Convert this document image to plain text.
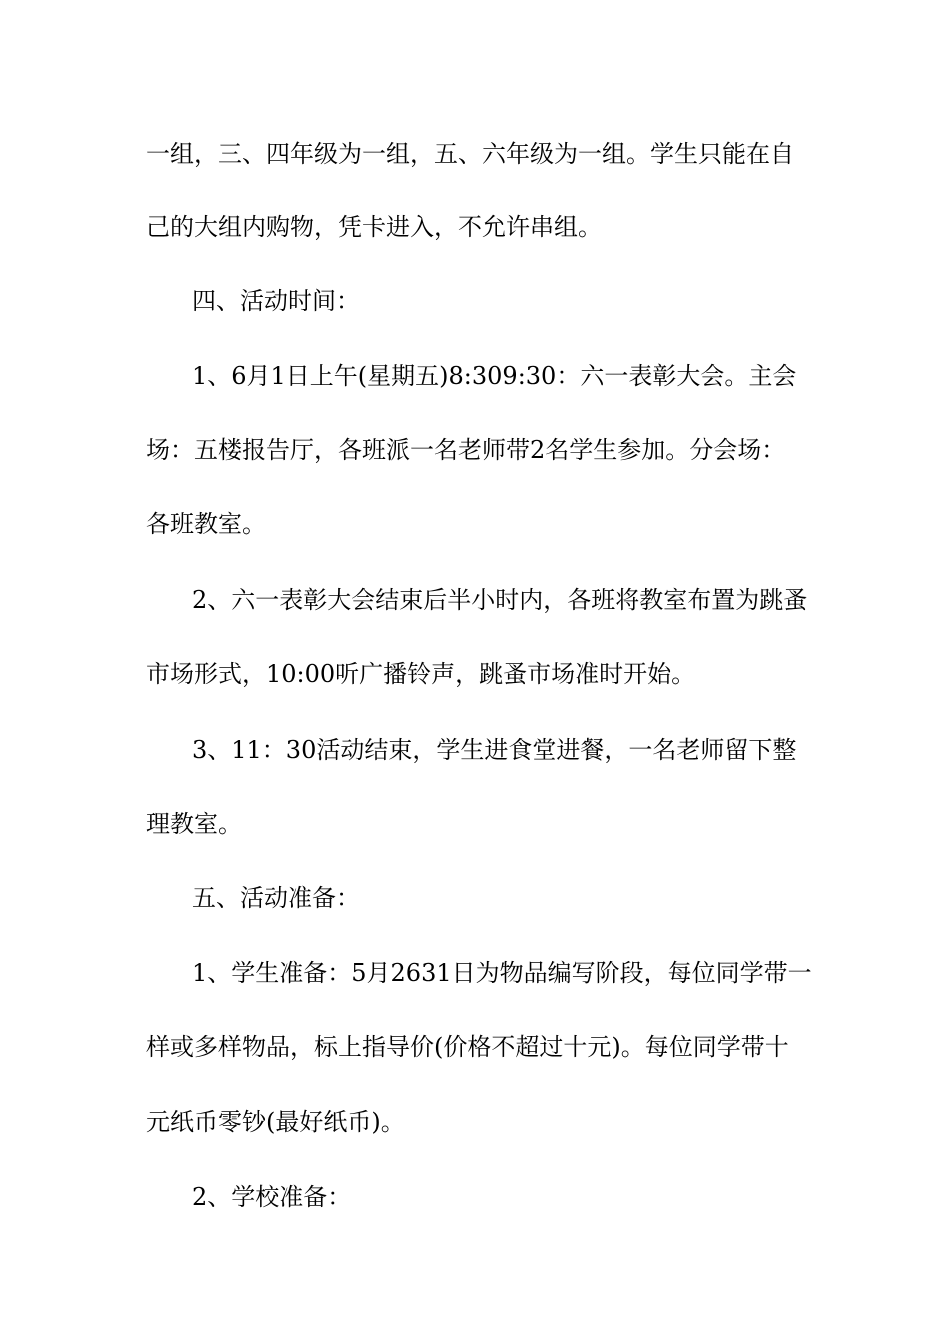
一组，三、四年级为一组，五、六年级为一组。学生只能在自
己的大组内购物，凭卡进入，不允许串组。
四、活动时间：
1、6月1日上午(星期五)8:309:30：六一表彰大会。主会
场：五楼报告厅，各班派一名老师带2名学生参加。分会场：
各班教室。
2、六一表彰大会结束后半小时内，各班将教室布置为跳蚤
市场形式，10:00听广播铃声，跳蚤市场准时开始。
3、11：30活动结束，学生进食堂进餐，一名老师留下整
理教室。
五、活动准备：
1、学生准备：5月2631日为物品编写阶段，每位同学带一
样或多样物品，标上指导价(价格不超过十元)。每位同学带十
元纸币零钞(最好纸币)。
2、学校准备：
